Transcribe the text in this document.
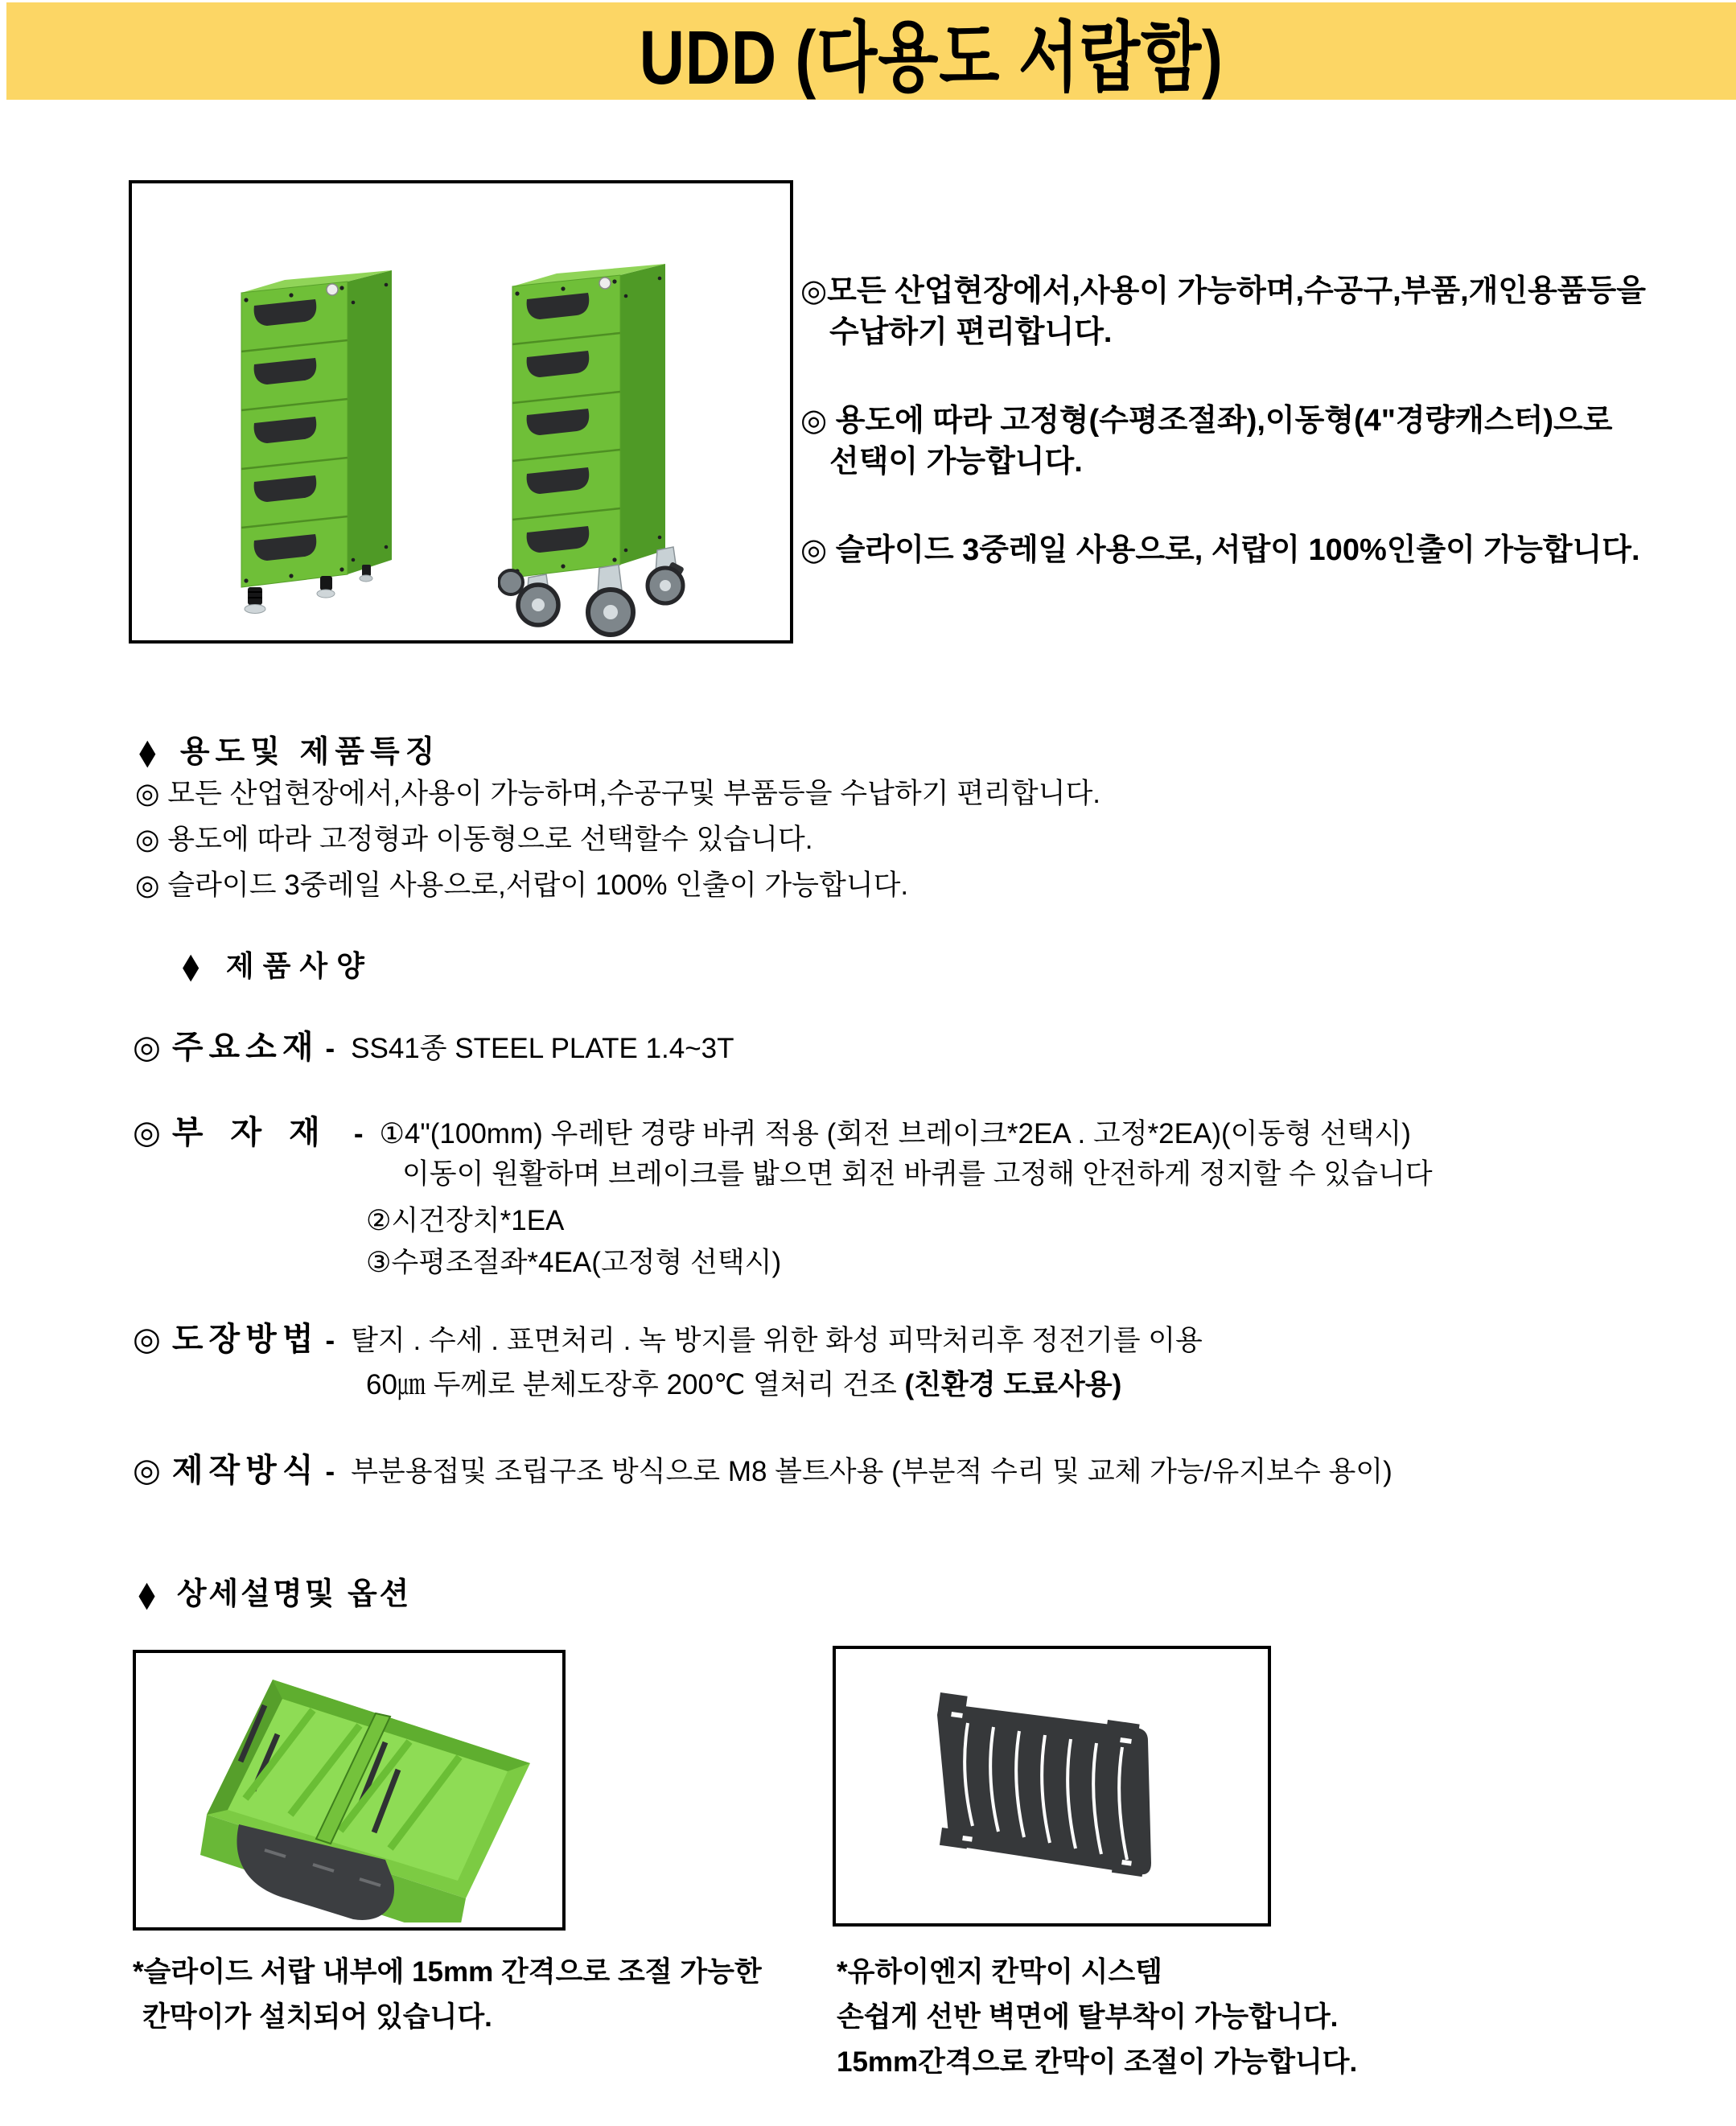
UDD (다용도 서랍함)
◎모든 산업현장에서,사용이 가능하며,수공구,부품,개인용품등을
수납하기 편리합니다.
◎ 용도에 따라 고정형(수평조절좌),이동형(4"경량캐스터)으로
선택이 가능합니다.
◎ 슬라이드 3중레일 사용으로, 서랍이 100%인출이 가능합니다.
◆ 용도및 제품특징
◎ 모든 산업현장에서,사용이 가능하며,수공구및 부품등을 수납하기 편리합니다.
◎ 용도에 따라 고정형과 이동형으로 선택할수 있습니다.
◎ 슬라이드 3중레일 사용으로,서랍이 100% 인출이 가능합니다.
◆ 제품사양
◎ 주요소재 - SS41종 STEEL PLATE 1.4~3T
◎ 부자재 - ①4"(100mm) 우레탄 경량 바퀴 적용 (회전 브레이크*2EA . 고정*2EA)(이동형 선택시)
이동이 원활하며 브레이크를 밟으면 회전 바퀴를 고정해 안전하게 정지할 수 있습니다
②시건장치*1EA
③수평조절좌*4EA(고정형 선택시)
◎ 도장방법 - 탈지 . 수세 . 표면처리 . 녹 방지를 위한 화성 피막처리후 정전기를 이용
60㎛ 두께로 분체도장후 200℃ 열처리 건조 (친환경 도료사용)
◎ 제작방식 - 부분용접및 조립구조 방식으로 M8 볼트사용 (부분적 수리 및 교체 가능/유지보수 용이)
◆ 상세설명및 옵션
*슬라이드 서랍 내부에 15mm 간격으로 조절 가능한
칸막이가 설치되어 있습니다.
*유하이엔지 칸막이 시스템
손쉽게 선반 벽면에 탈부착이 가능합니다.
15mm간격으로 칸막이 조절이 가능합니다.
